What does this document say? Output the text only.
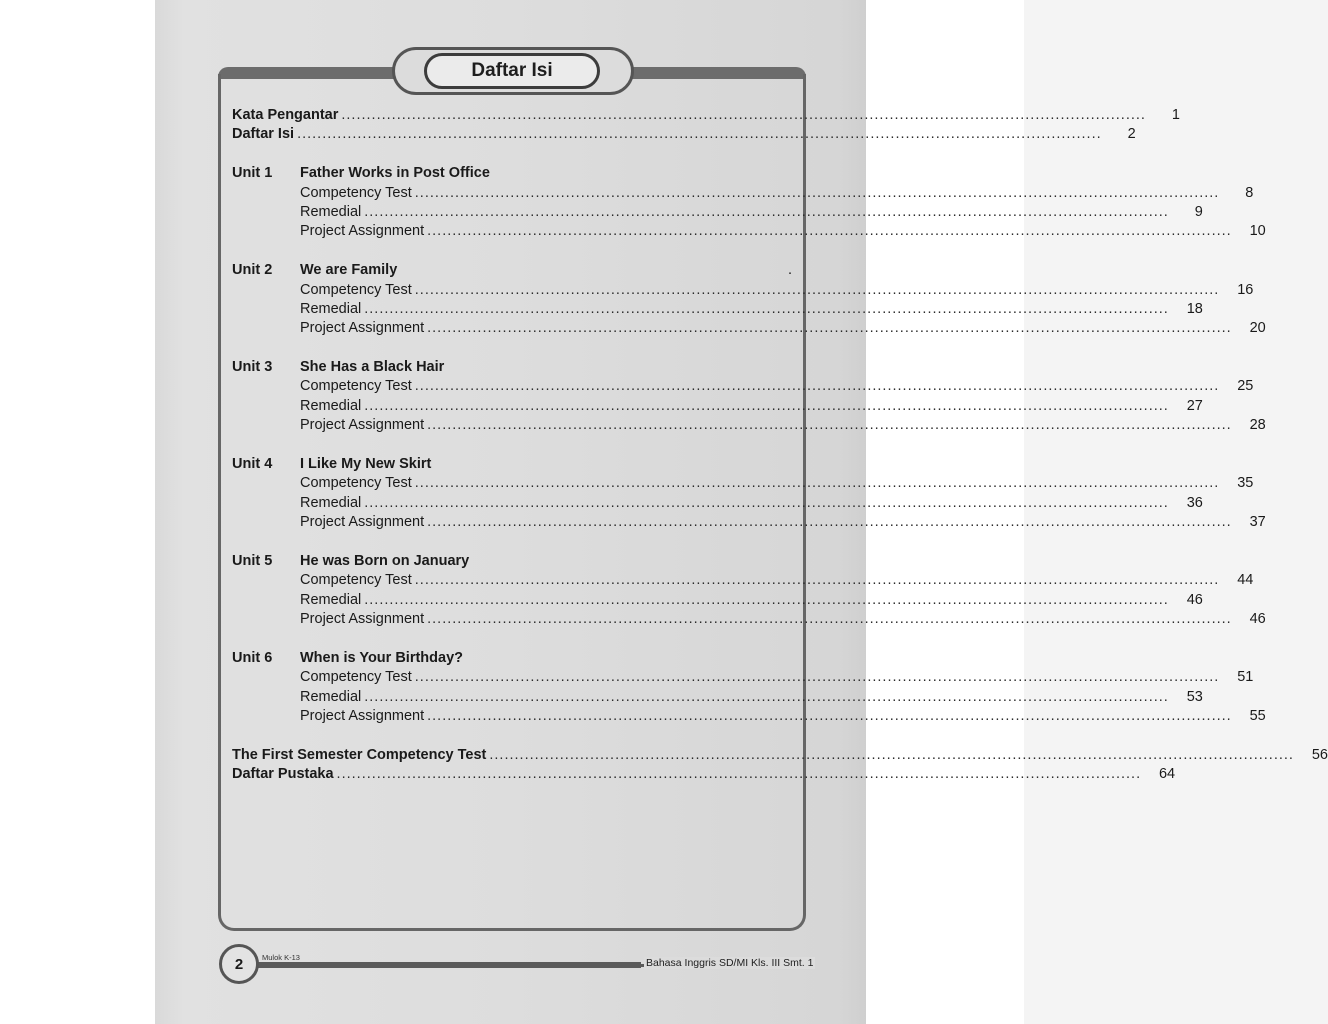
Daftar Isi
Kata Pengantar ................................................................................................................................................................	1
Daftar Isi ................................................................................................................................................................	2
Unit 1	Father Works in Post Office
Competency Test ................................................................................................................................................................	8
Remedial ................................................................................................................................................................	9
Project Assignment ................................................................................................................................................................	10
Unit 2	We are Family	.
Competency Test ................................................................................................................................................................	16
Remedial ................................................................................................................................................................	18
Project Assignment ................................................................................................................................................................	20
Unit 3	She Has a Black Hair
Competency Test ................................................................................................................................................................	25
Remedial ................................................................................................................................................................	27
Project Assignment ................................................................................................................................................................	28
Unit 4	I Like My New Skirt
Competency Test ................................................................................................................................................................	35
Remedial ................................................................................................................................................................	36
Project Assignment ................................................................................................................................................................	37
Unit 5	He was Born on January
Competency Test ................................................................................................................................................................	44
Remedial ................................................................................................................................................................	46
Project Assignment ................................................................................................................................................................	46
Unit 6	When is Your Birthday?
Competency Test ................................................................................................................................................................	51
Remedial ................................................................................................................................................................	53
Project Assignment ................................................................................................................................................................	55
The First Semester Competency Test ................................................................................................................................................................	56
Daftar Pustaka ................................................................................................................................................................	64
2	Mulok K-13	Bahasa Inggris SD/MI Kls. III Smt. 1
